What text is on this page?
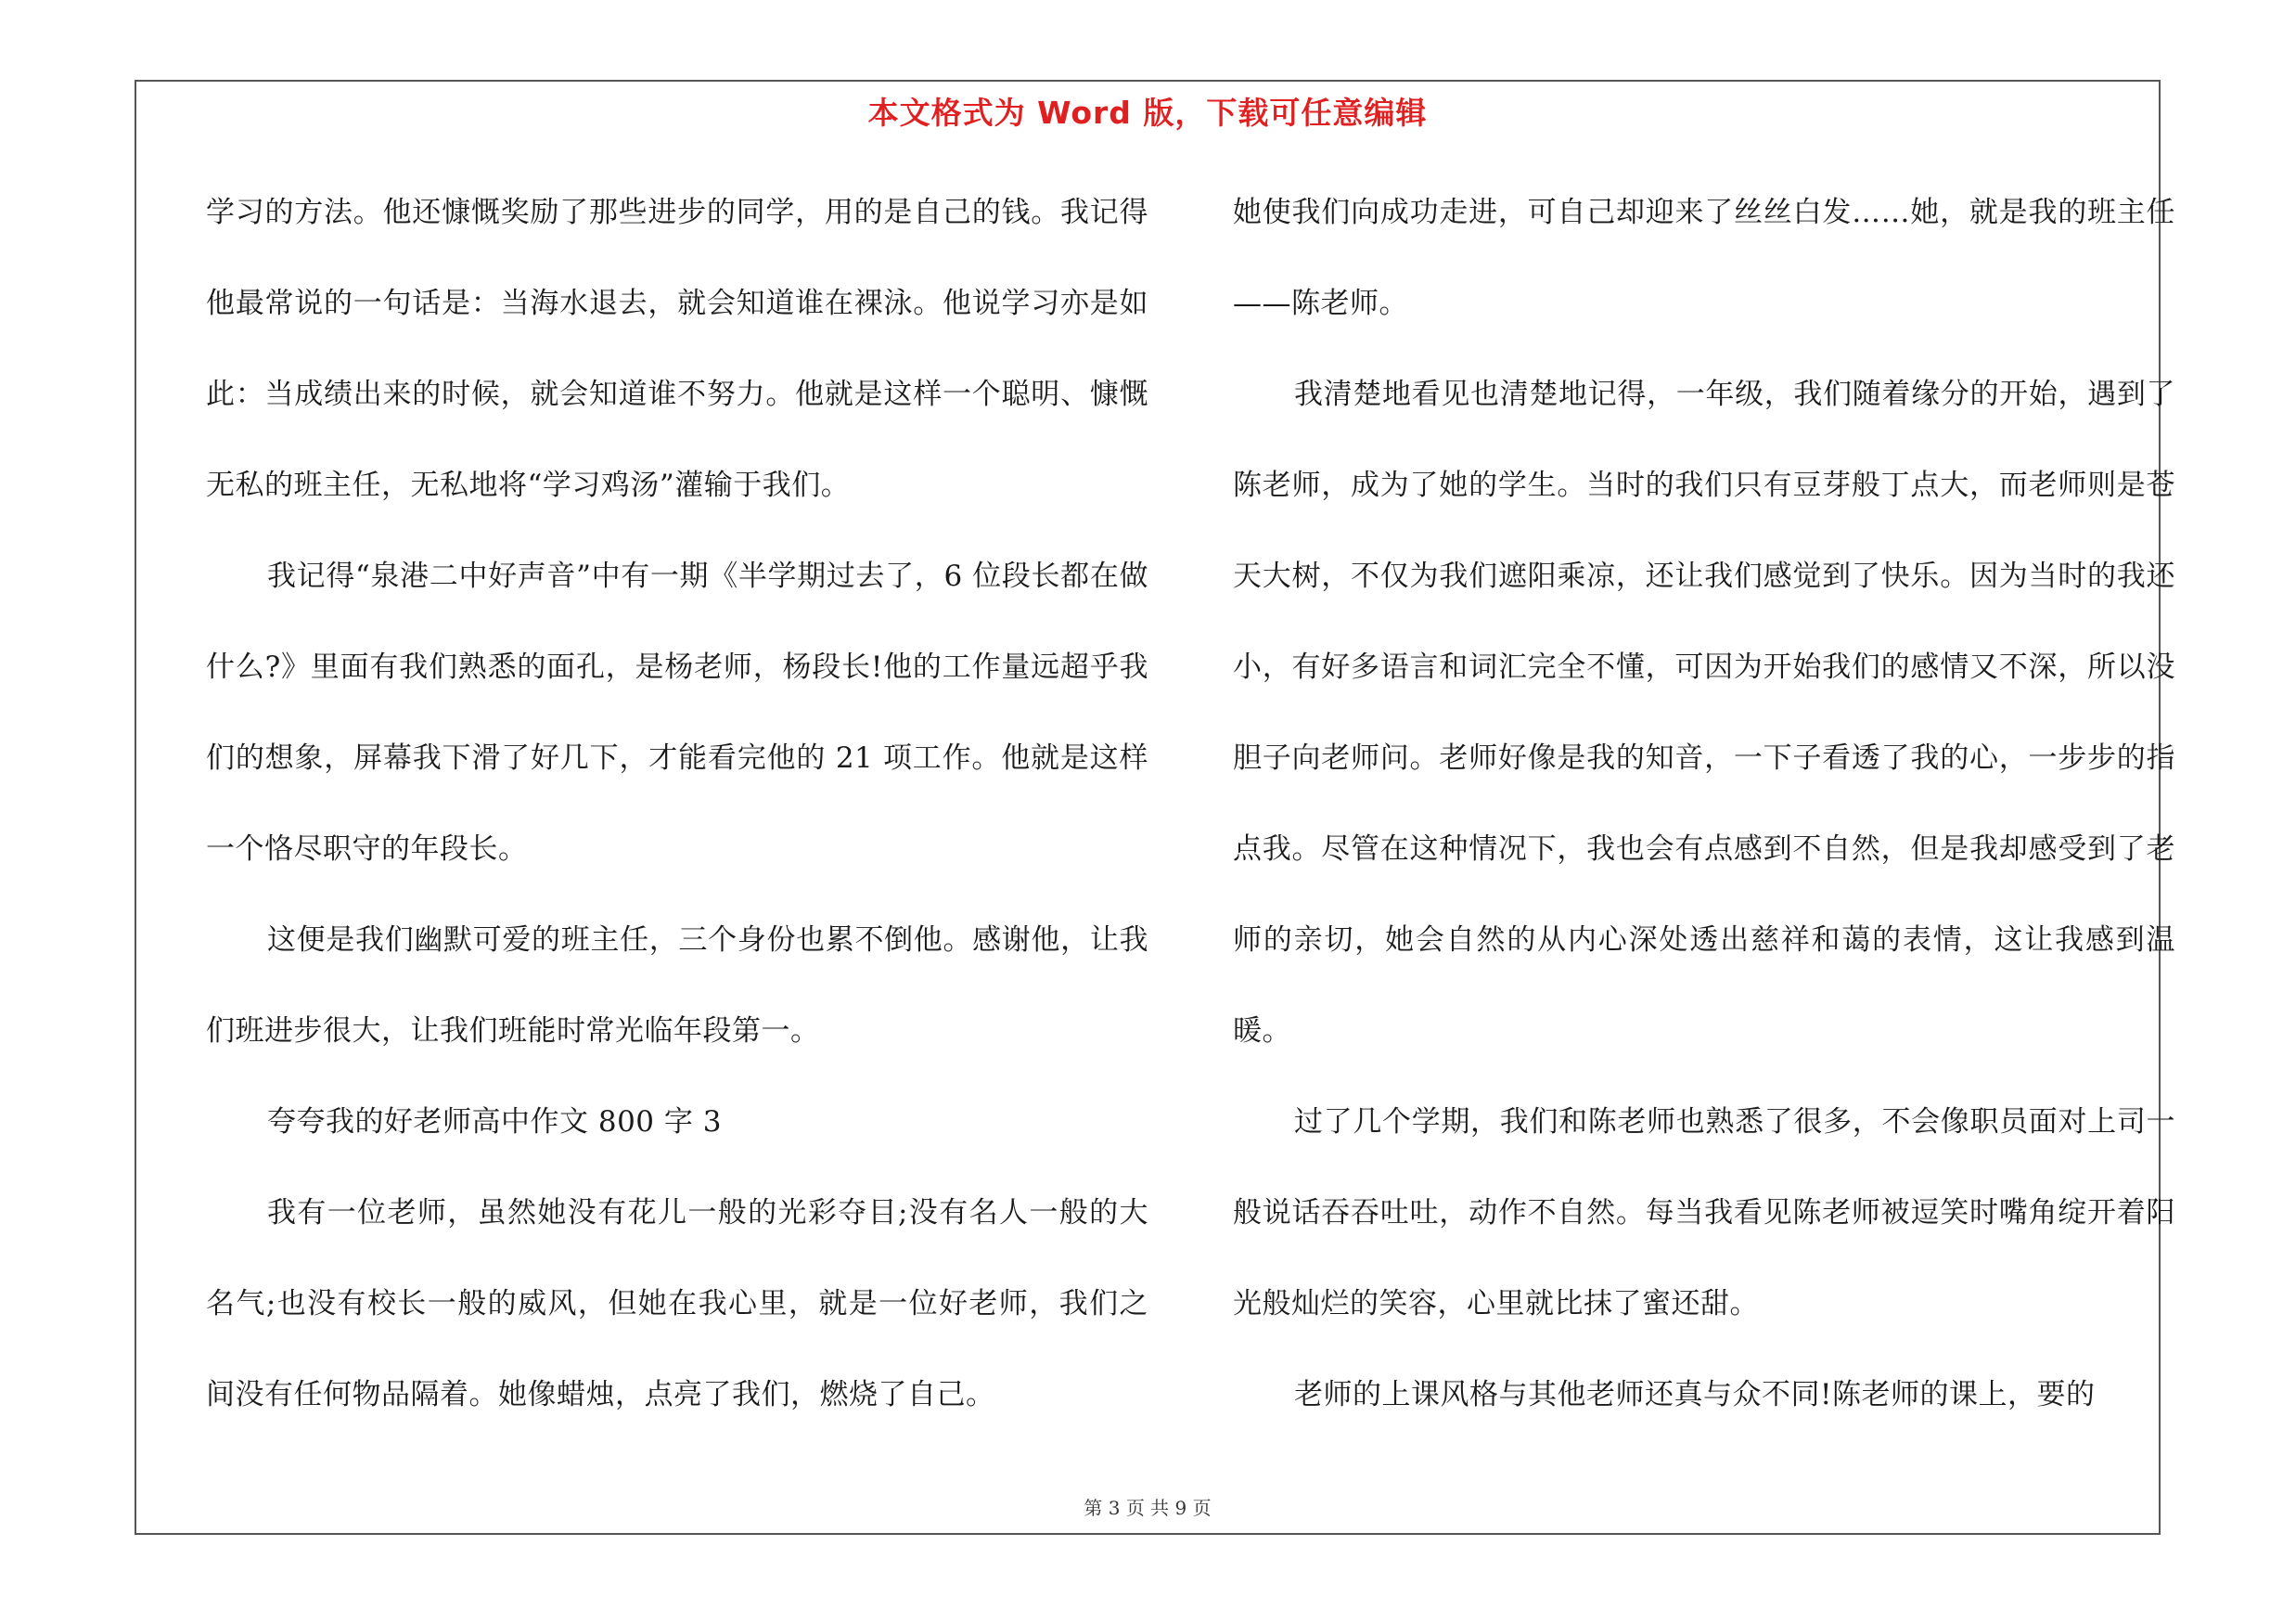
本文格式为 Word 版，下载可任意编辑

学习的方法。他还慷慨奖励了那些进步的同学，用的是自己的钱。我记得他最常说的一句话是：当海水退去，就会知道谁在裸泳。他说学习亦是如此：当成绩出来的时候，就会知道谁不努力。他就是这样一个聪明、慷慨无私的班主任，无私地将“学习鸡汤”灌输于我们。

我记得“泉港二中好声音”中有一期《半学期过去了，6 位段长都在做什么?》里面有我们熟悉的面孔，是杨老师，杨段长!他的工作量远超乎我们的想象，屏幕我下滑了好几下，才能看完他的 21 项工作。他就是这样一个恪尽职守的年段长。

这便是我们幽默可爱的班主任，三个身份也累不倒他。感谢他，让我们班进步很大，让我们班能时常光临年段第一。

夸夸我的好老师高中作文 800 字 3

我有一位老师，虽然她没有花儿一般的光彩夺目;没有名人一般的大名气;也没有校长一般的威风，但她在我心里，就是一位好老师，我们之间没有任何物品隔着。她像蜡烛，点亮了我们，燃烧了自己。

她使我们向成功走进，可自己却迎来了丝丝白发……她，就是我的班主任——陈老师。

我清楚地看见也清楚地记得，一年级，我们随着缘分的开始，遇到了陈老师，成为了她的学生。当时的我们只有豆芽般丁点大，而老师则是苍天大树，不仅为我们遮阳乘凉，还让我们感觉到了快乐。因为当时的我还小，有好多语言和词汇完全不懂，可因为开始我们的感情又不深，所以没胆子向老师问。老师好像是我的知音，一下子看透了我的心，一步步的指点我。尽管在这种情况下，我也会有点感到不自然，但是我却感受到了老师的亲切，她会自然的从内心深处透出慈祥和蔼的表情，这让我感到温暖。

过了几个学期，我们和陈老师也熟悉了很多，不会像职员面对上司一般说话吞吞吐吐，动作不自然。每当我看见陈老师被逗笑时嘴角绽开着阳光般灿烂的笑容，心里就比抹了蜜还甜。

老师的上课风格与其他老师还真与众不同!陈老师的课上，要的

第 3 页 共 9 页
